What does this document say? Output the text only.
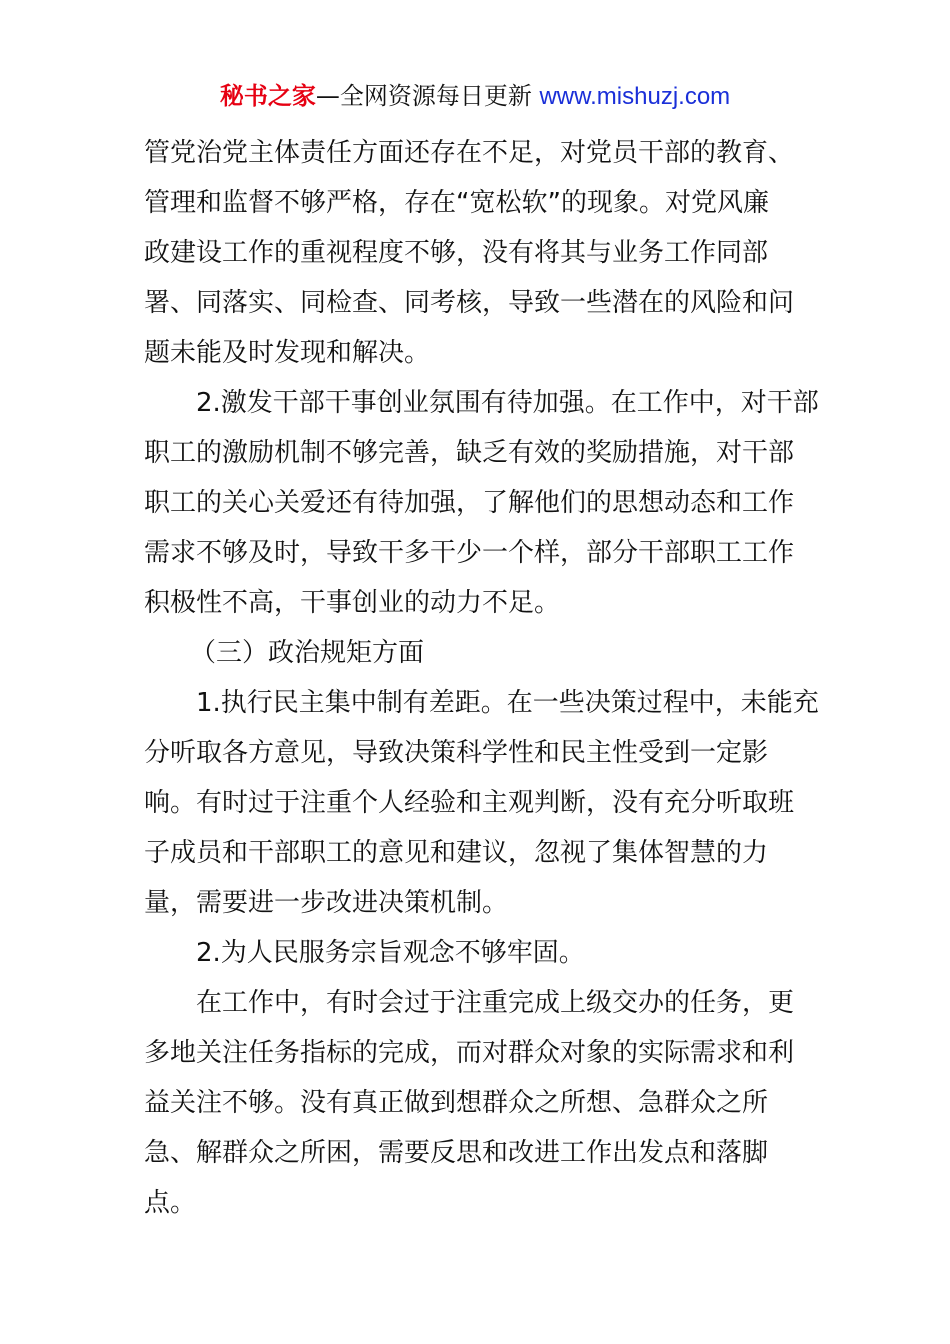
秘书之家—全网资源每日更新 www.mishuzj.com
管党治党主体责任方面还存在不足，对党员干部的教育、
管理和监督不够严格，存在“宽松软”的现象。对党风廉
政建设工作的重视程度不够，没有将其与业务工作同部
署、同落实、同检查、同考核，导致一些潜在的风险和问
题未能及时发现和解决。
2.激发干部干事创业氛围有待加强。在工作中，对干部
职工的激励机制不够完善，缺乏有效的奖励措施，对干部
职工的关心关爱还有待加强，了解他们的思想动态和工作
需求不够及时，导致干多干少一个样，部分干部职工工作
积极性不高，干事创业的动力不足。
（三）政治规矩方面
1.执行民主集中制有差距。在一些决策过程中，未能充
分听取各方意见，导致决策科学性和民主性受到一定影
响。有时过于注重个人经验和主观判断，没有充分听取班
子成员和干部职工的意见和建议，忽视了集体智慧的力
量，需要进一步改进决策机制。
2.为人民服务宗旨观念不够牢固。
在工作中，有时会过于注重完成上级交办的任务，更
多地关注任务指标的完成，而对群众对象的实际需求和利
益关注不够。没有真正做到想群众之所想、急群众之所
急、解群众之所困，需要反思和改进工作出发点和落脚
点。
